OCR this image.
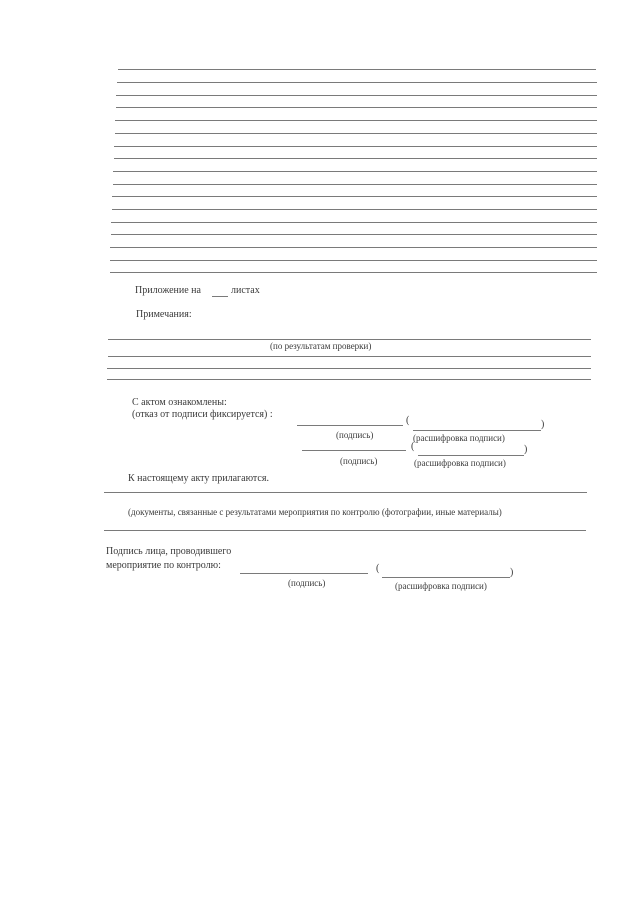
Приложение на	листах
Примечания:
(по результатам проверки)
С актом ознакомлены:
(отказ от подписи фиксируется) :
(	)
(подпись)	(расшифровка подписи)
(	)
(подпись)	(расшифровка подписи)
К настоящему акту прилагаются.
(документы, связанные с результатами мероприятия по контролю (фотографии, иные материалы)
Подпись лица, проводившего
мероприятие по контролю:	(	)
(подпись)	(расшифровка подписи)
